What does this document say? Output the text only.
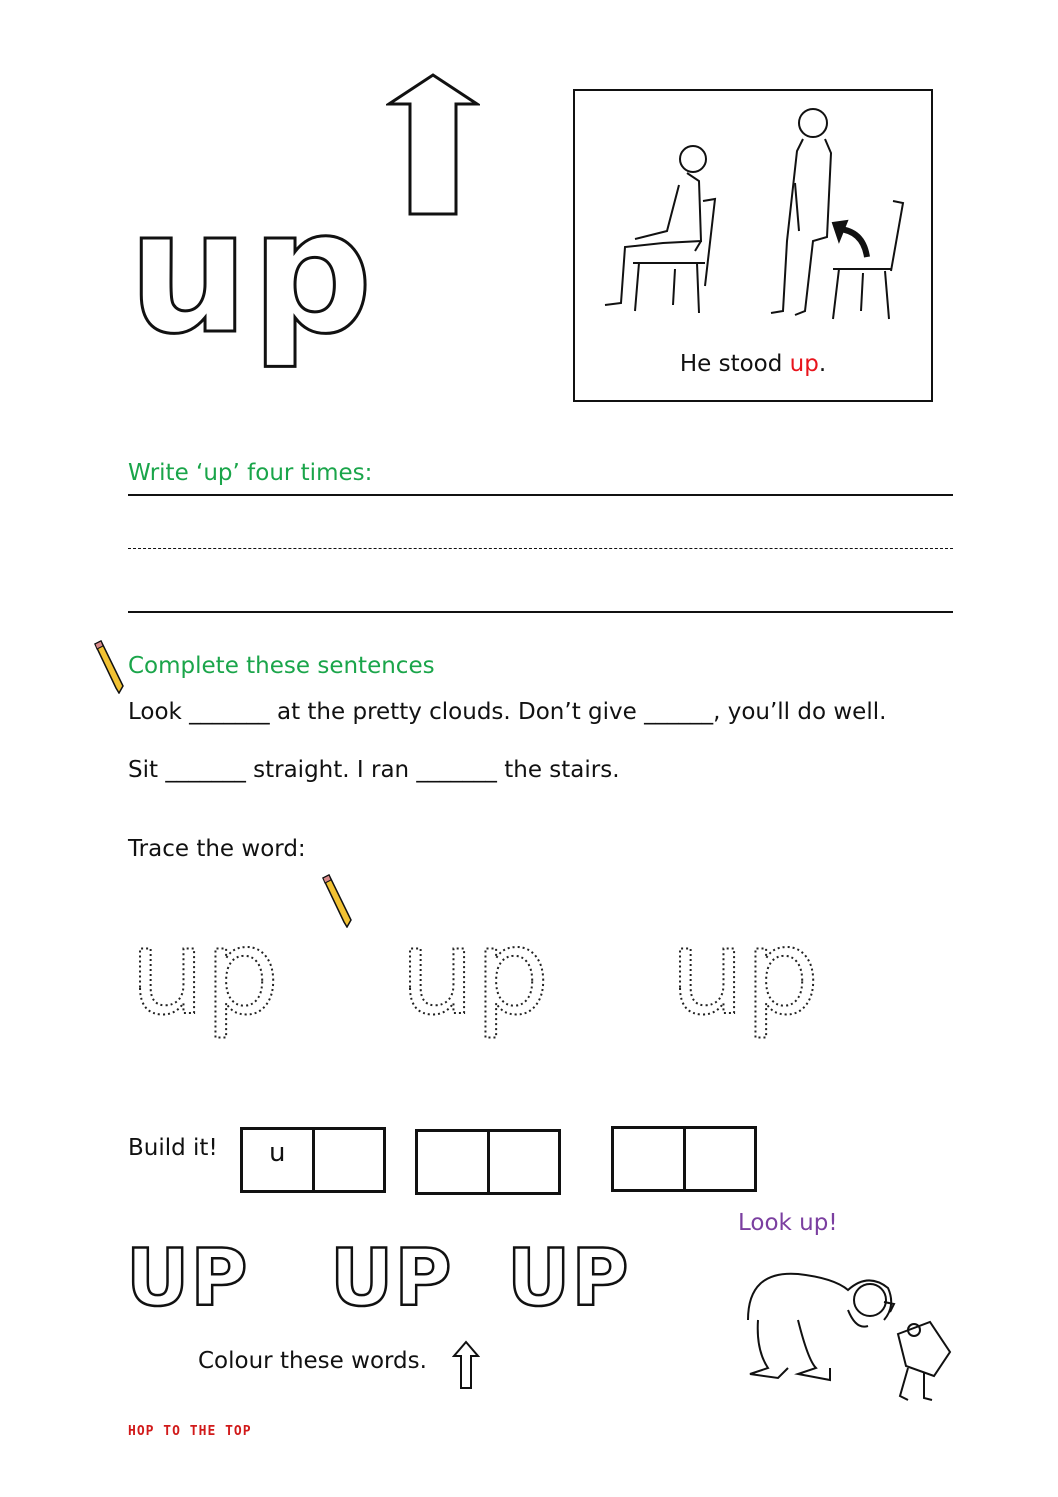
up	He stood up.
Write ‘up’ four times:
Complete these sentences
Look _______ at the pretty clouds. Don’t give ______, you’ll do well.
Sit _______ straight. I ran _______ the stairs.
Trace the word:
up up up
Build it!	u
Look up!
UP UP UP
Colour these words.
HOP TO THE TOP
